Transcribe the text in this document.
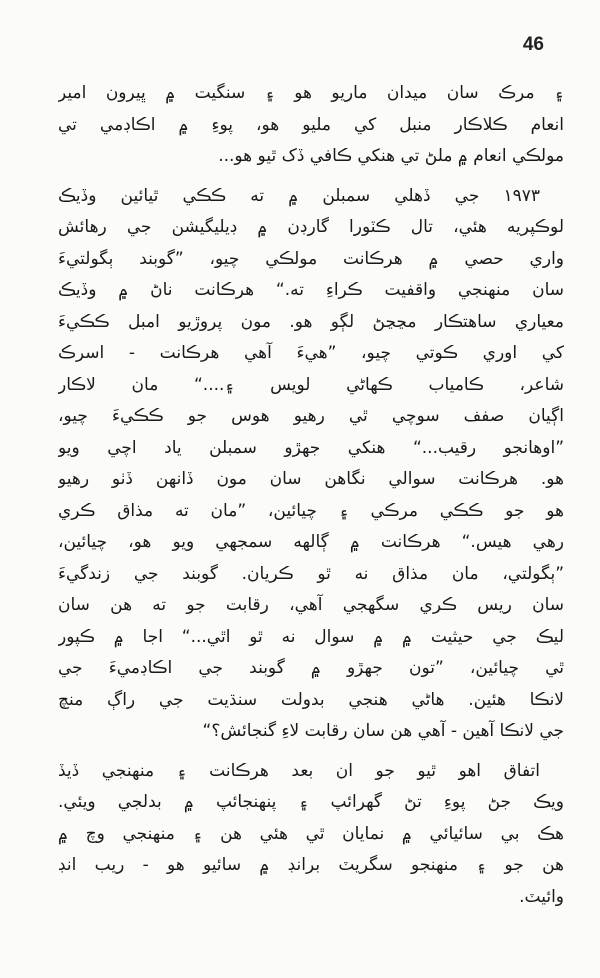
46
۽ مرڪ سان ميدان ماريو هو ۽ سنگيت ۾ ڀيرون امير
انعام ڪلاڪار منبل کي مليو هو، پوءِ ۾ اڪاڊمي تي
مولڪي انعام ۾ ملڻ تي هنکي ڪافي ڏک ٿيو هو...
١٩٧٣ جي ڏهلي سمبلن ۾ ته ڪڪي ٿيائين وڏيڪ
لوڪپريه هئي، تال ڪٽورا گارڊن ۾ ڊيليگيشن جي رهائش
واري حصي ۾ هرڪانت مولڪي چيو، ”گوبند ٻگولتيءَ
سان منهنجي واقفيت ڪراءِ ته.“ هرڪانت ناڻ ۾ وڏيڪ
معياري ساهتڪار مڃڃڻ لڳو هو. مون پروڙيو امبل ڪڪيءَ
کي اوري ڪوتي چيو، ”هيءَ آهي هرڪانت - اسرڪ
شاعر، ڪامياب ڪهاڻي لويس ۽....“ مان لاڪار
اڳيان صفف سوچي ٿي رهيو هوس جو ڪڪيءَ چيو،
”اوهانجو رقيب...“ هنکي جهڙو سمبلن ياد اچي ويو
هو. هرڪانت سوالي نگاهن سان مون ڏانهن ڏٺو رهيو
هو جو ڪڪي مرڪي ۽ چيائين، ”مان ته مذاق ڪري
رهي هيس.“ هرڪانت ۾ ڳالهه سمجهي ويو هو، چيائين،
”ٻگولتي، مان مذاق نه ٿو ڪريان. گوبند جي زندگيءَ
سان ريس ڪري سگهجي آهي، رقابت جو ته هن سان
ليڪ جي حيثيت ۾ ۾ سوال نه ٿو اٿي...“ اجا ۾ ڪپور
ٿي چيائين، ”تون جهڙو ۾ گوبند جي اڪاڊميءَ جي
لانڪا هئين. هاڻي هنجي بدولت سنڌيت جي راڳ منچ
جي لانڪا آهين - آهي هن سان رقابت لاءِ گنجائش؟“
اتفاق اهو ٿيو جو ان بعد هرڪانت ۽ منهنجي ڏيڏ
ويڪ جڻ پوءِ تڻ گهرائپ ۽ پنهنجائپ ۾ بدلجي ويئي.
هڪ بي سائيائي ۾ نمايان ٿي هئي هن ۽ منهنجي وچ ۾
هن جو ۽ منهنجو سگريٽ برانڊ ۾ سائيو هو - ريب انڊ
وائيٽ.
